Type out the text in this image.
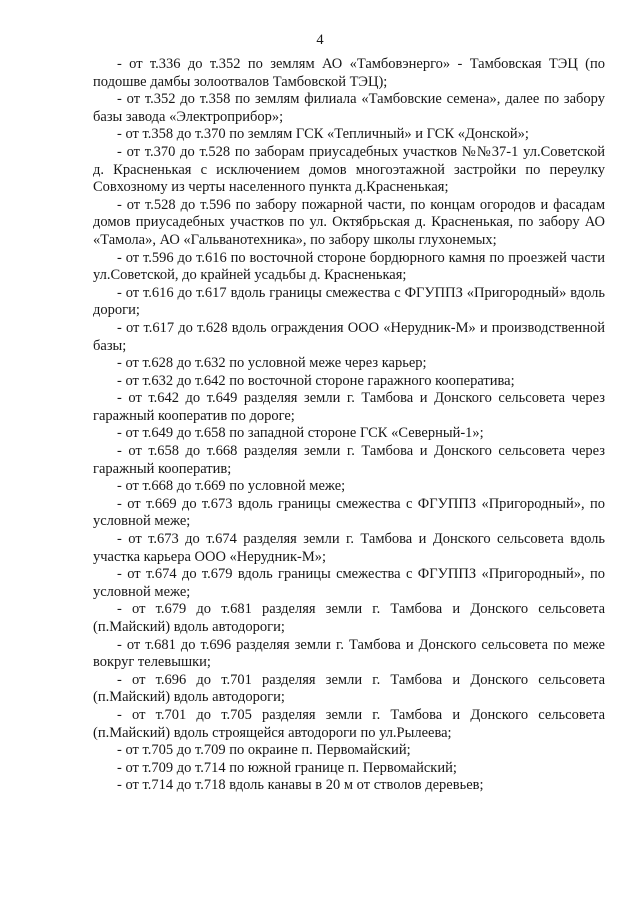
4

- от т.336 до т.352 по землям АО «Тамбовэнерго» - Тамбовская ТЭЦ (по подошве дамбы золоотвалов Тамбовской ТЭЦ);

- от т.352 до т.358 по землям филиала «Тамбовские семена», далее по забору базы завода «Электроприбор»;

- от т.358 до т.370 по землям ГСК «Тепличный» и ГСК «Донской»;

- от т.370 до т.528 по заборам приусадебных участков №№37-1 ул.Советской д. Красненькая с исключением домов многоэтажной застройки по переулку Совхозному из черты населенного пункта д.Красненькая;

- от т.528 до т.596 по забору пожарной части, по концам огородов и фасадам домов приусадебных участков по ул. Октябрьская д. Красненькая, по забору АО «Тамола», АО «Гальванотехника», по забору школы глухонемых;

- от т.596 до т.616 по восточной стороне бордюрного камня по проезжей части ул.Советской, до крайней усадьбы д. Красненькая;

- от т.616 до т.617 вдоль границы смежества с ФГУППЗ «Пригородный» вдоль дороги;

- от т.617 до т.628 вдоль ограждения ООО «Нерудник-М» и производственной базы;

- от т.628 до т.632 по условной меже через карьер;

- от т.632 до т.642 по восточной стороне гаражного кооператива;

- от т.642 до т.649 разделяя земли г. Тамбова и Донского сельсовета через гаражный кооператив по дороге;

- от т.649 до т.658 по западной стороне ГСК «Северный-1»;

- от т.658 до т.668 разделяя земли г. Тамбова и Донского сельсовета через гаражный кооператив;

- от т.668 до т.669 по условной меже;

- от т.669 до т.673 вдоль границы смежества с ФГУППЗ «Пригородный», по условной меже;

- от т.673 до т.674 разделяя земли г. Тамбова и Донского сельсовета вдоль участка карьера ООО «Нерудник-М»;

- от т.674 до т.679 вдоль границы смежества с ФГУППЗ «Пригородный», по условной меже;

- от т.679 до т.681 разделяя земли г. Тамбова и Донского сельсовета (п.Майский) вдоль автодороги;

- от т.681 до т.696 разделяя земли г. Тамбова и Донского сельсовета по меже вокруг телевышки;

- от т.696 до т.701 разделяя земли г. Тамбова и Донского сельсовета (п.Майский) вдоль автодороги;

- от т.701 до т.705 разделяя земли г. Тамбова и Донского сельсовета (п.Майский) вдоль строящейся автодороги по ул.Рылеева;

- от т.705 до т.709 по окраине п. Первомайский;

- от т.709 до т.714 по южной границе п. Первомайский;

- от т.714 до т.718 вдоль канавы в 20 м от стволов деревьев;
